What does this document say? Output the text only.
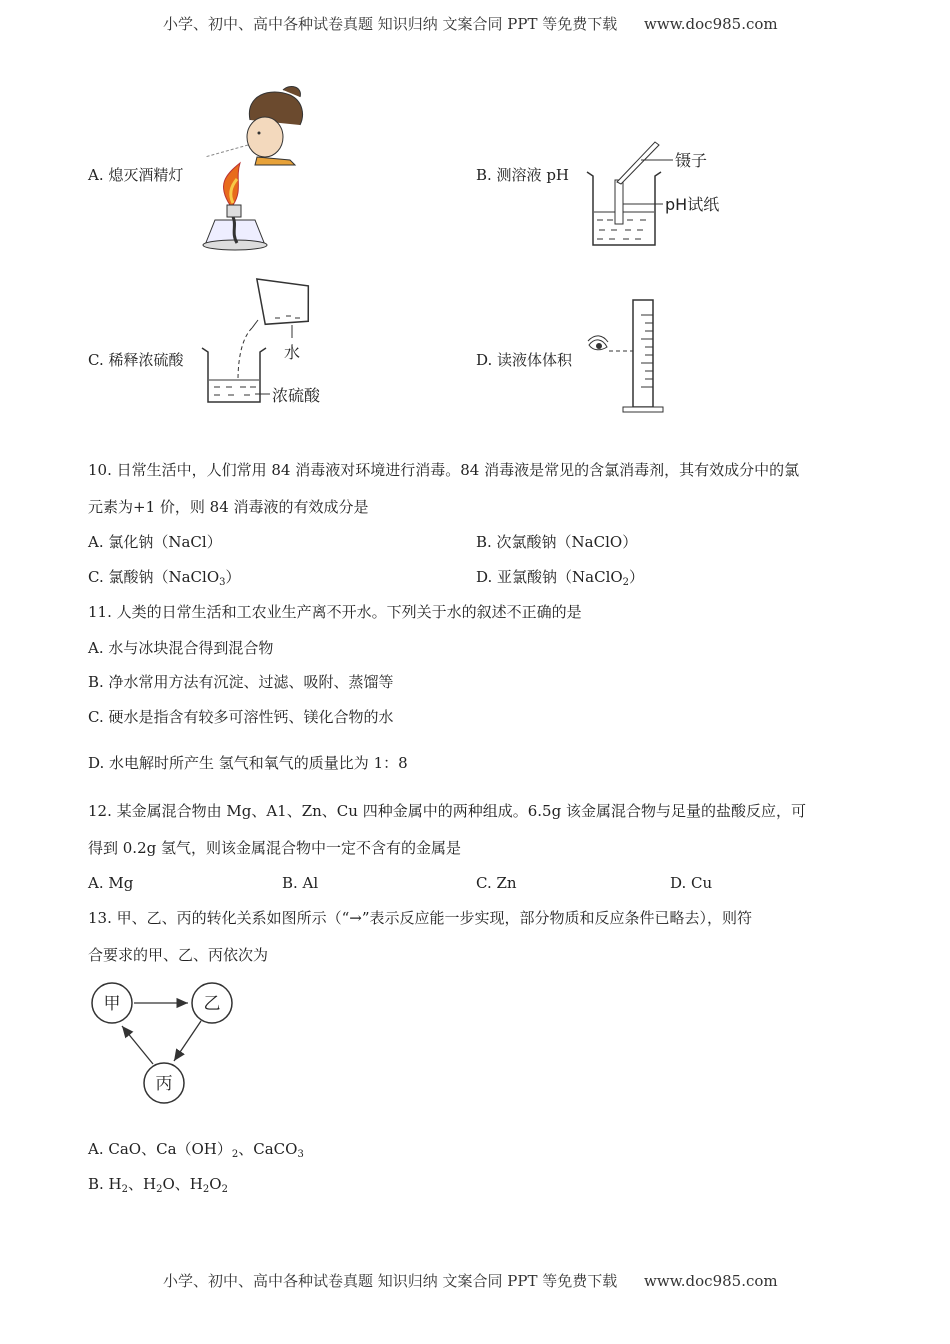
小学、初中、高中各种试卷真题 知识归纳 文案合同 PPT 等免费下载 www.doc985.com
A. 熄灭酒精灯	B. 测溶液 pH
镊子
pH试纸
C. 稀释浓硫酸	水
浓硫酸
D. 读液体体积
10. 日常生活中，人们常用 84 消毒液对环境进行消毒。84 消毒液是常见的含氯消毒剂，其有效成分中的氯
元素为+1 价，则 84 消毒液的有效成分是
A. 氯化钠（NaCl）	B. 次氯酸钠（NaClO）
C. 氯酸钠（NaClO$_3$）	D. 亚氯酸钠（NaClO$_2$）
11. 人类的日常生活和工农业生产离不开水。下列关于水的叙述不正确的是
A. 水与冰块混合得到混合物
B. 净水常用方法有沉淀、过滤、吸附、蒸馏等
C. 硬水是指含有较多可溶性钙、镁化合物的水
D. 水电解时所产生 氢气和氧气的质量比为 1：8
12. 某金属混合物由 Mg、A1、Zn、Cu 四种金属中的两种组成。6.5g 该金属混合物与足量的盐酸反应，可
得到 0.2g 氢气，则该金属混合物中一定不含有的金属是
A. Mg	B. Al	C. Zn	D. Cu
13. 甲、乙、丙的转化关系如图所示（“→”表示反应能一步实现，部分物质和反应条件已略去），则符
合要求的甲、乙、丙依次为
甲	乙
丙
A. CaO、$Ca(OH)_2$、CaCO$_3$
B. $H_2$、$H_2O$、$H_2O_2$
小学、初中、高中各种试卷真题 知识归纳 文案合同 PPT 等免费下载 www.doc985.com
